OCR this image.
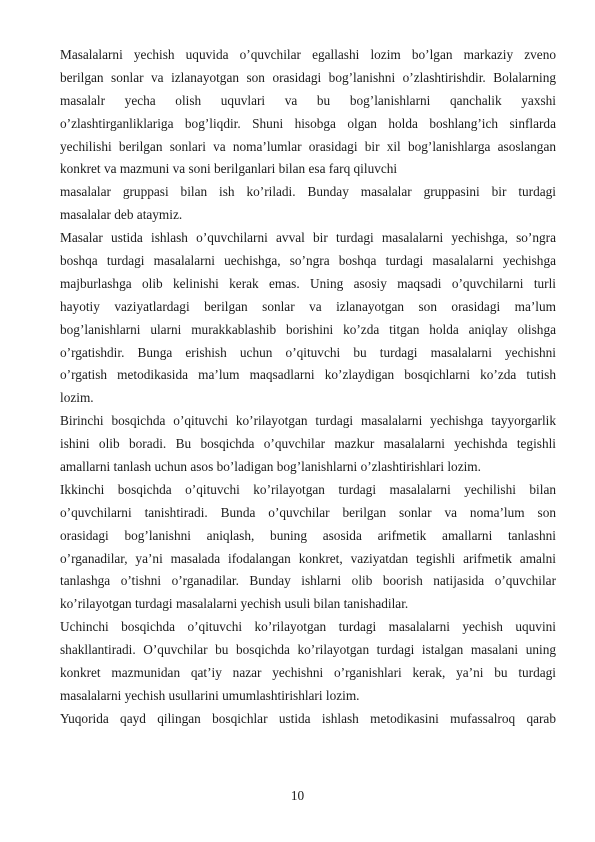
Masalalarni yechish uquvida o’quvchilar egallashi lozim bo’lgan markaziy zveno
berilgan sonlar va izlanayotgan son orasidagi bog’lanishni o’zlashtirishdir. Bolalarning
masalalr yecha olish uquvlari va bu bog’lanishlarni qanchalik yaxshi
o’zlashtirganliklariga bog’liqdir. Shuni hisobga olgan holda boshlang’ich sinflarda
yechilishi berilgan sonlari va noma’lumlar orasidagi bir xil bog’lanishlarga asoslangan
konkret va mazmuni va soni berilganlari bilan esa farq qiluvchi
masalalar gruppasi bilan ish ko’riladi. Bunday masalalar gruppasini bir turdagi
masalalar deb ataymiz.
Masalar ustida ishlash o’quvchilarni avval bir turdagi masalalarni yechishga, so’ngra
boshqa turdagi masalalarni uechishga, so’ngra boshqa turdagi masalalarni yechishga
majburlashga olib kelinishi kerak emas. Uning asosiy maqsadi o’quvchilarni turli
hayotiy vaziyatlardagi berilgan sonlar va izlanayotgan son orasidagi ma’lum
bog’lanishlarni ularni murakkablashib borishini ko’zda titgan holda aniqlay olishga
o’rgatishdir. Bunga erishish uchun o’qituvchi bu turdagi masalalarni yechishni
o’rgatish metodikasida ma’lum maqsadlarni ko’zlaydigan bosqichlarni ko’zda tutish
lozim.
Birinchi bosqichda o’qituvchi ko’rilayotgan turdagi masalalarni yechishga tayyorgarlik
ishini olib boradi. Bu bosqichda o’quvchilar mazkur masalalarni yechishda tegishli
amallarni tanlash uchun asos bo’ladigan bog’lanishlarni o’zlashtirishlari lozim.
Ikkinchi bosqichda o’qituvchi ko’rilayotgan turdagi masalalarni yechilishi bilan
o’quvchilarni tanishtiradi. Bunda o’quvchilar berilgan sonlar va noma’lum son
orasidagi bog’lanishni aniqlash, buning asosida arifmetik amallarni tanlashni
o’rganadilar, ya’ni masalada ifodalangan konkret, vaziyatdan tegishli arifmetik amalni
tanlashga o’tishni o’rganadilar. Bunday ishlarni olib boorish natijasida o’quvchilar
ko’rilayotgan turdagi masalalarni yechish usuli bilan tanishadilar.
Uchinchi bosqichda o’qituvchi ko’rilayotgan turdagi masalalarni yechish uquvini
shakllantiradi. O’quvchilar bu bosqichda ko’rilayotgan turdagi istalgan masalani uning
konkret mazmunidan qat’iy nazar yechishni o’rganishlari kerak, ya’ni bu turdagi
masalalarni yechish usullarini umumlashtirishlari lozim.
Yuqorida qayd qilingan bosqichlar ustida ishlash metodikasini mufassalroq qarab
10
